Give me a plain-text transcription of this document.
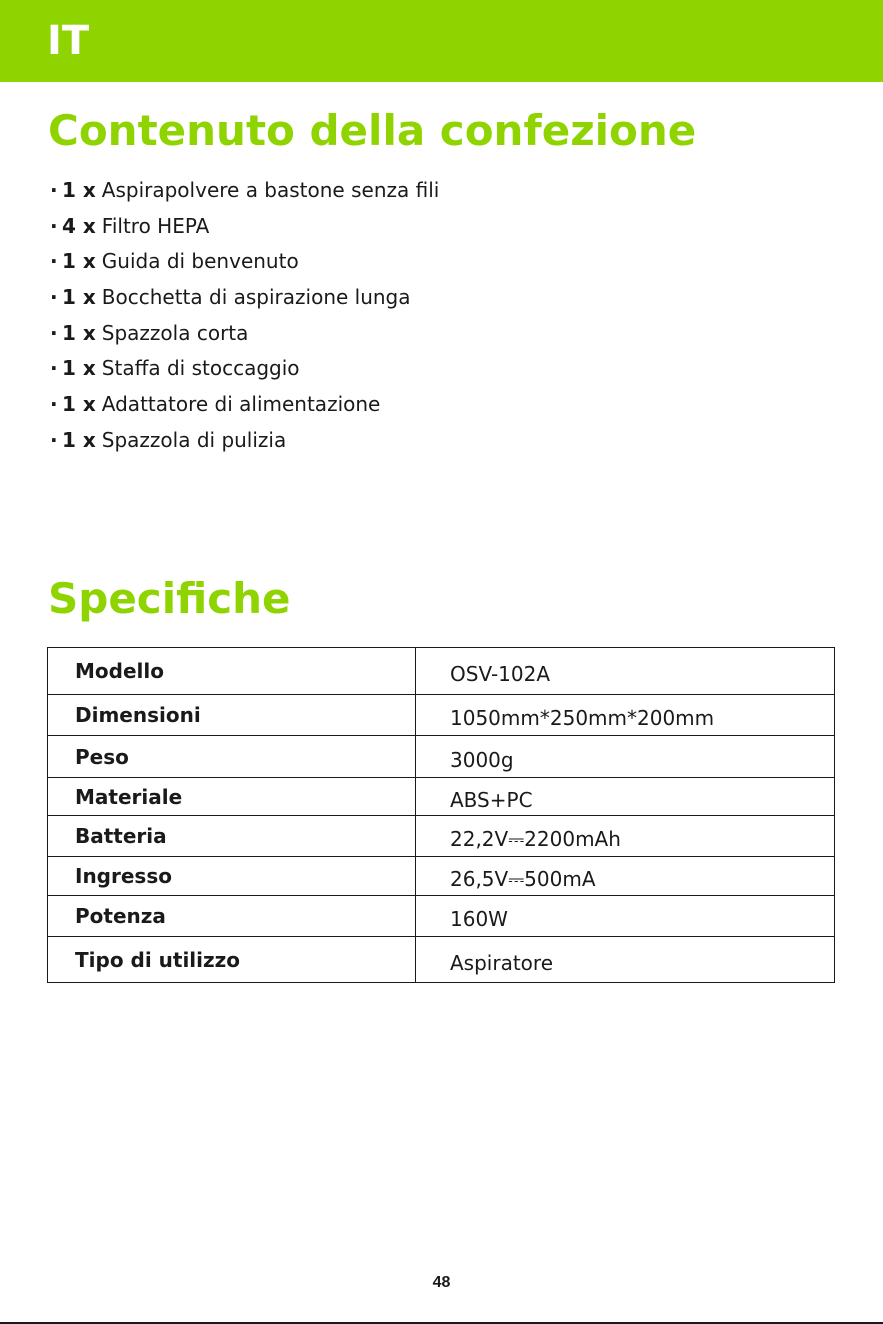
IT
Contenuto della confezione
· 1 x Aspirapolvere a bastone senza fili
· 4 x Filtro HEPA
· 1 x Guida di benvenuto
· 1 x Bocchetta di aspirazione lunga
· 1 x Spazzola corta
· 1 x Staffa di stoccaggio
· 1 x Adattatore di alimentazione
· 1 x Spazzola di pulizia
Specifiche
Modello	OSV-102A
Dimensioni	1050mm*250mm*200mm
Peso	3000g
Materiale	ABS+PC
Batteria	22,2V⎓2200mAh
Ingresso	26,5V⎓500mA
Potenza	160W
Tipo di utilizzo	Aspiratore
48
